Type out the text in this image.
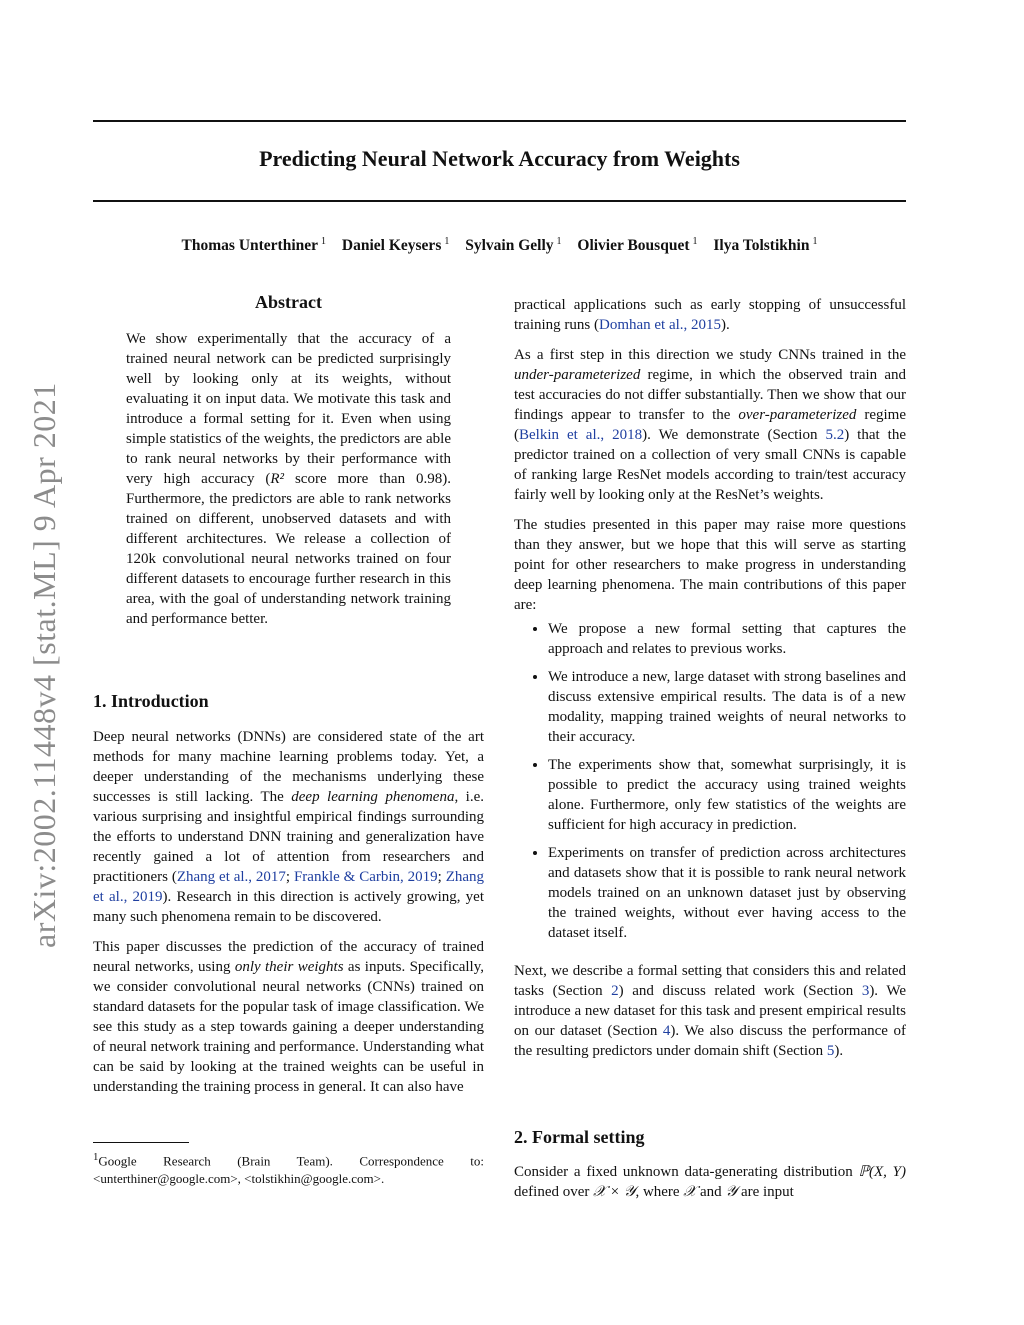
arXiv:2002.11448v4 [stat.ML] 9 Apr 2021
Predicting Neural Network Accuracy from Weights
Thomas Unterthiner $^1$ Daniel Keysers $^1$ Sylvain Gelly $^1$ Olivier Bousquet $^1$ Ilya Tolstikhin $^1$
Abstract
We show experimentally that the accuracy of a trained neural network can be predicted surprisingly well by looking only at its weights, without evaluating it on input data. We motivate this task and introduce a formal setting for it. Even when using simple statistics of the weights, the predictors are able to rank neural networks by their performance with very high accuracy (R² score more than 0.98). Furthermore, the predictors are able to rank networks trained on different, unobserved datasets and with different architectures. We release a collection of 120k convolutional neural networks trained on four different datasets to encourage further research in this area, with the goal of understanding network training and performance better.
1. Introduction

Deep neural networks (DNNs) are considered state of the art methods for many machine learning problems today. Yet, a deeper understanding of the mechanisms underlying these successes is still lacking. The deep learning phenomena, i.e. various surprising and insightful empirical findings surrounding the efforts to understand DNN training and generalization have recently gained a lot of attention from researchers and practitioners (Zhang et al., 2017; Frankle & Carbin, 2019; Zhang et al., 2019). Research in this direction is actively growing, yet many such phenomena remain to be discovered.

This paper discusses the prediction of the accuracy of trained neural networks, using only their weights as inputs. Specifically, we consider convolutional neural networks (CNNs) trained on standard datasets for the popular task of image classification. We see this study as a step towards gaining a deeper understanding of neural network training and performance. Understanding what can be said by looking at the trained weights can be useful in understanding the training process in general. It can also have

$^1$Google Research (Brain Team). Correspondence to: <unterthiner@google.com>, <tolstikhin@google.com>.

practical applications such as early stopping of unsuccessful training runs (Domhan et al., 2015).

As a first step in this direction we study CNNs trained in the under-parameterized regime, in which the observed train and test accuracies do not differ substantially. Then we show that our findings appear to transfer to the over-parameterized regime (Belkin et al., 2018). We demonstrate (Section 5.2) that the predictor trained on a collection of very small CNNs is capable of ranking large ResNet models according to train/test accuracy fairly well by looking only at the ResNet’s weights.

The studies presented in this paper may raise more questions than they answer, but we hope that this will serve as starting point for other researchers to make progress in understanding deep learning phenomena. The main contributions of this paper are:

• We propose a new formal setting that captures the approach and relates to previous works.
• We introduce a new, large dataset with strong baselines and discuss extensive empirical results. The data is of a new modality, mapping trained weights of neural networks to their accuracy.
• The experiments show that, somewhat surprisingly, it is possible to predict the accuracy using trained weights alone. Furthermore, only few statistics of the weights are sufficient for high accuracy in prediction.
• Experiments on transfer of prediction across architectures and datasets show that it is possible to rank neural network models trained on an unknown dataset just by observing the trained weights, without ever having access to the dataset itself.

Next, we describe a formal setting that considers this and related tasks (Section 2) and discuss related work (Section 3). We introduce a new dataset for this task and present empirical results on our dataset (Section 4). We also discuss the performance of the resulting predictors under domain shift (Section 5).

2. Formal setting
Consider a fixed unknown data-generating distribution ℙ(X, Y) defined over 𝒳 × 𝒴, where 𝒳 and 𝒴 are input
